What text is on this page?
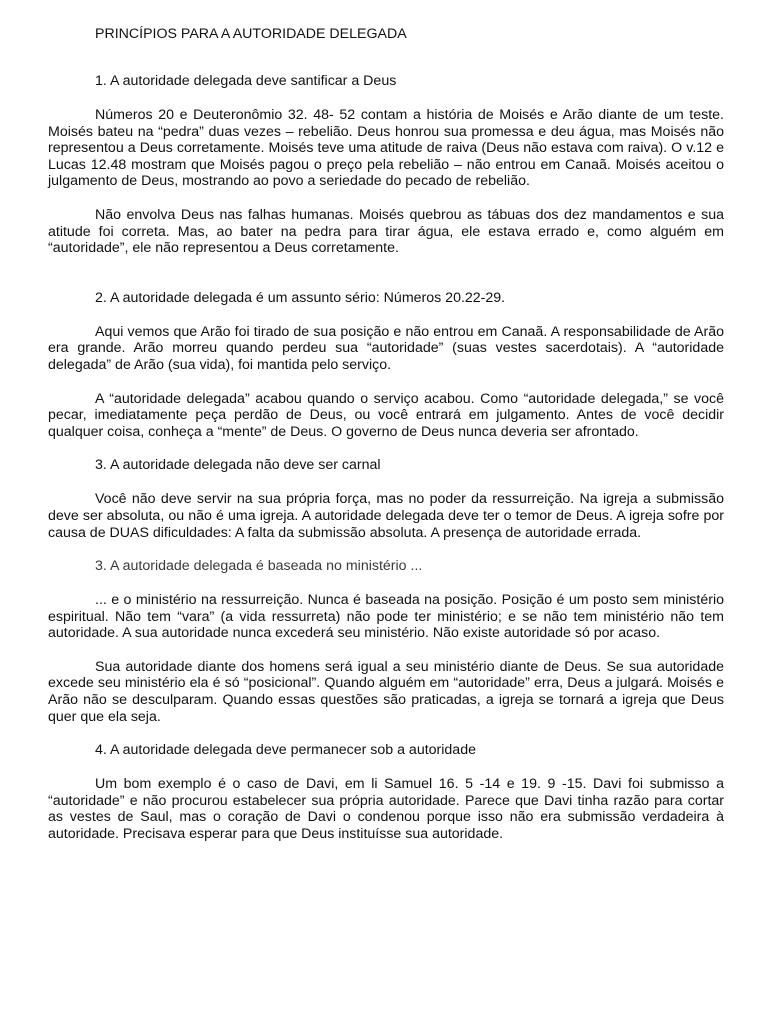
PRINCÍPIOS PARA A AUTORIDADE DELEGADA
1. A autoridade delegada deve santificar a Deus

Números 20 e Deuteronômio 32. 48- 52 contam a história de Moisés e Arão diante de um teste. Moisés bateu na “pedra” duas vezes – rebelião. Deus honrou sua promessa e deu água, mas Moisés não representou a Deus corretamente. Moisés teve uma atitude de raiva (Deus não estava com raiva). O v.12 e Lucas 12.48 mostram que Moisés pagou o preço pela rebelião – não entrou em Canaã. Moisés aceitou o julgamento de Deus, mostrando ao povo a seriedade do pecado de rebelião.

Não envolva Deus nas falhas humanas. Moisés quebrou as tábuas dos dez mandamentos e sua atitude foi correta. Mas, ao bater na pedra para tirar água, ele estava errado e, como alguém em “autoridade”, ele não representou a Deus corretamente.

2. A autoridade delegada é um assunto sério: Números 20.22-29.

Aqui vemos que Arão foi tirado de sua posição e não entrou em Canaã. A responsabilidade de Arão era grande. Arão morreu quando perdeu sua “autoridade” (suas vestes sacerdotais). A “autoridade delegada” de Arão (sua vida), foi mantida pelo serviço.

A “autoridade delegada” acabou quando o serviço acabou. Como “autoridade delegada,” se você pecar, imediatamente peça perdão de Deus, ou você entrará em julgamento. Antes de você decidir qualquer coisa, conheça a “mente” de Deus. O governo de Deus nunca deveria ser afrontado.

3. A autoridade delegada não deve ser carnal

Você não deve servir na sua própria força, mas no poder da ressurreição. Na igreja a submissão deve ser absoluta, ou não é uma igreja. A autoridade delegada deve ter o temor de Deus. A igreja sofre por causa de DUAS dificuldades: A falta da submissão absoluta. A presença de autoridade errada.

3. A autoridade delegada é baseada no ministério ...

... e o ministério na ressurreição. Nunca é baseada na posição. Posição é um posto sem ministério espiritual. Não tem “vara” (a vida ressurreta) não pode ter ministério; e se não tem ministério não tem autoridade. A sua autoridade nunca excederá seu ministério. Não existe autoridade só por acaso.

Sua autoridade diante dos homens será igual a seu ministério diante de Deus. Se sua autoridade excede seu ministério ela é só “posicional”. Quando alguém em “autoridade” erra, Deus a julgará. Moisés e Arão não se desculparam. Quando essas questões são praticadas, a igreja se tornará a igreja que Deus quer que ela seja.

4. A autoridade delegada deve permanecer sob a autoridade

Um bom exemplo é o caso de Davi, em li Samuel 16. 5 -14 e 19. 9 -15. Davi foi submisso a “autoridade” e não procurou estabelecer sua própria autoridade. Parece que Davi tinha razão para cortar as vestes de Saul, mas o coração de Davi o condenou porque isso não era submissão verdadeira à autoridade. Precisava esperar para que Deus instituísse sua autoridade.
